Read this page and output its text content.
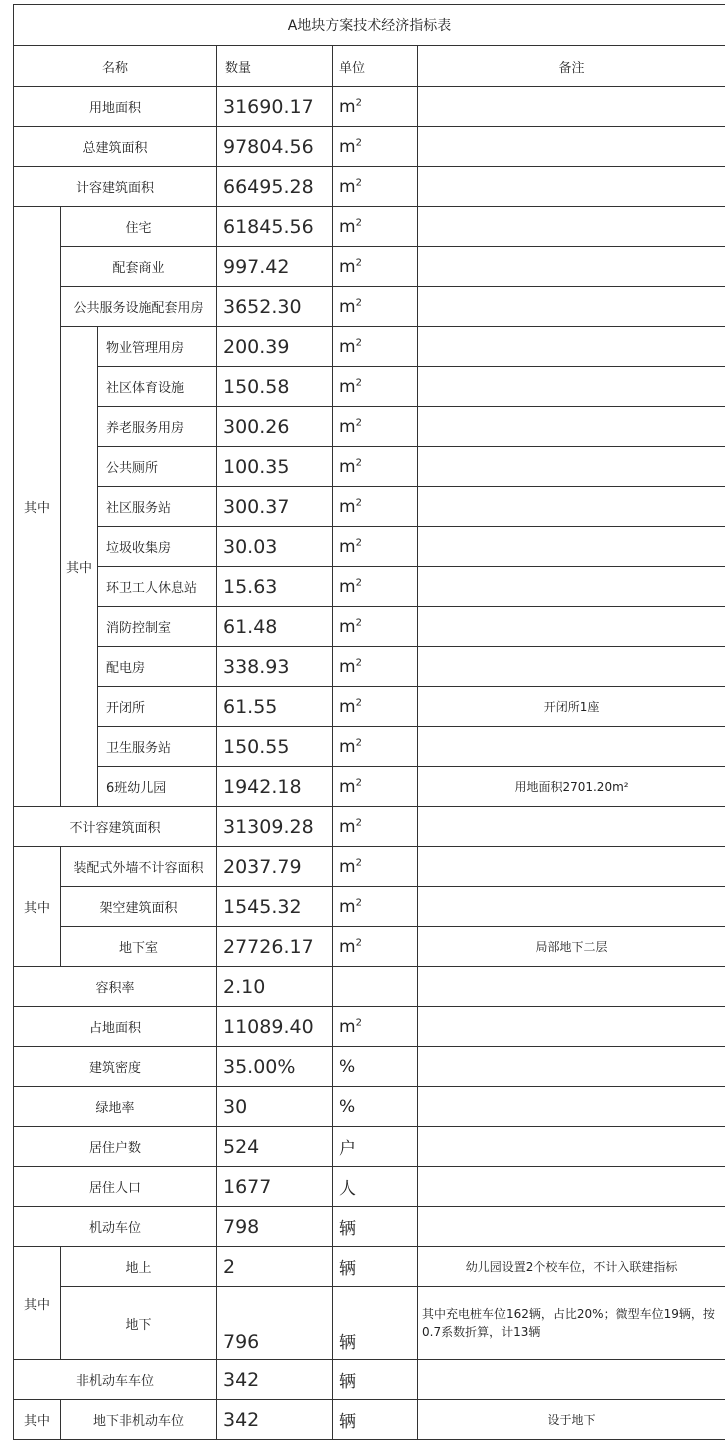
A地块方案技术经济指标表					
名称			数量	单位	备注
用地面积			31690.17	$m^2$	
总建筑面积			97804.56	$m^2$	
计容建筑面积			66495.28	$m^2$	
其中	住宅		61845.56	$m^2$	
	配套商业		997.42	$m^2$	
	公共服务设施配套用房		3652.30	$m^2$	
	其中	物业管理用房	200.39	$m^2$	
		社区体育设施	150.58	$m^2$	
		养老服务用房	300.26	$m^2$	
		公共厕所	100.35	$m^2$	
		社区服务站	300.37	$m^2$	
		垃圾收集房	30.03	$m^2$	
		环卫工人休息站	15.63	$m^2$	
		消防控制室	61.48	$m^2$	
		配电房	338.93	$m^2$	
		开闭所	61.55	$m^2$	开闭所1座
		卫生服务站	150.55	$m^2$	
		6班幼儿园	1942.18	$m^2$	用地面积2701.20m²
不计容建筑面积			31309.28	$m^2$	
其中	装配式外墙不计容面积		2037.79	$m^2$	
	架空建筑面积		1545.32	$m^2$	
	地下室		27726.17	$m^2$	局部地下二层
容积率			2.10		
占地面积			11089.40	$m^2$	
建筑密度			35.00%	%	
绿地率			30	%	
居住户数			524	户	
居住人口			1677	人	
机动车位			798	辆	
其中	地上		2	辆	幼儿园设置2个校车位，不计入联建指标
	地下		796	辆	其中充电桩车位162辆，占比20%；微型车位19辆，按0.7系数折算，计13辆
非机动车车位			342	辆	
其中	地下非机动车位		342	辆	设于地下
